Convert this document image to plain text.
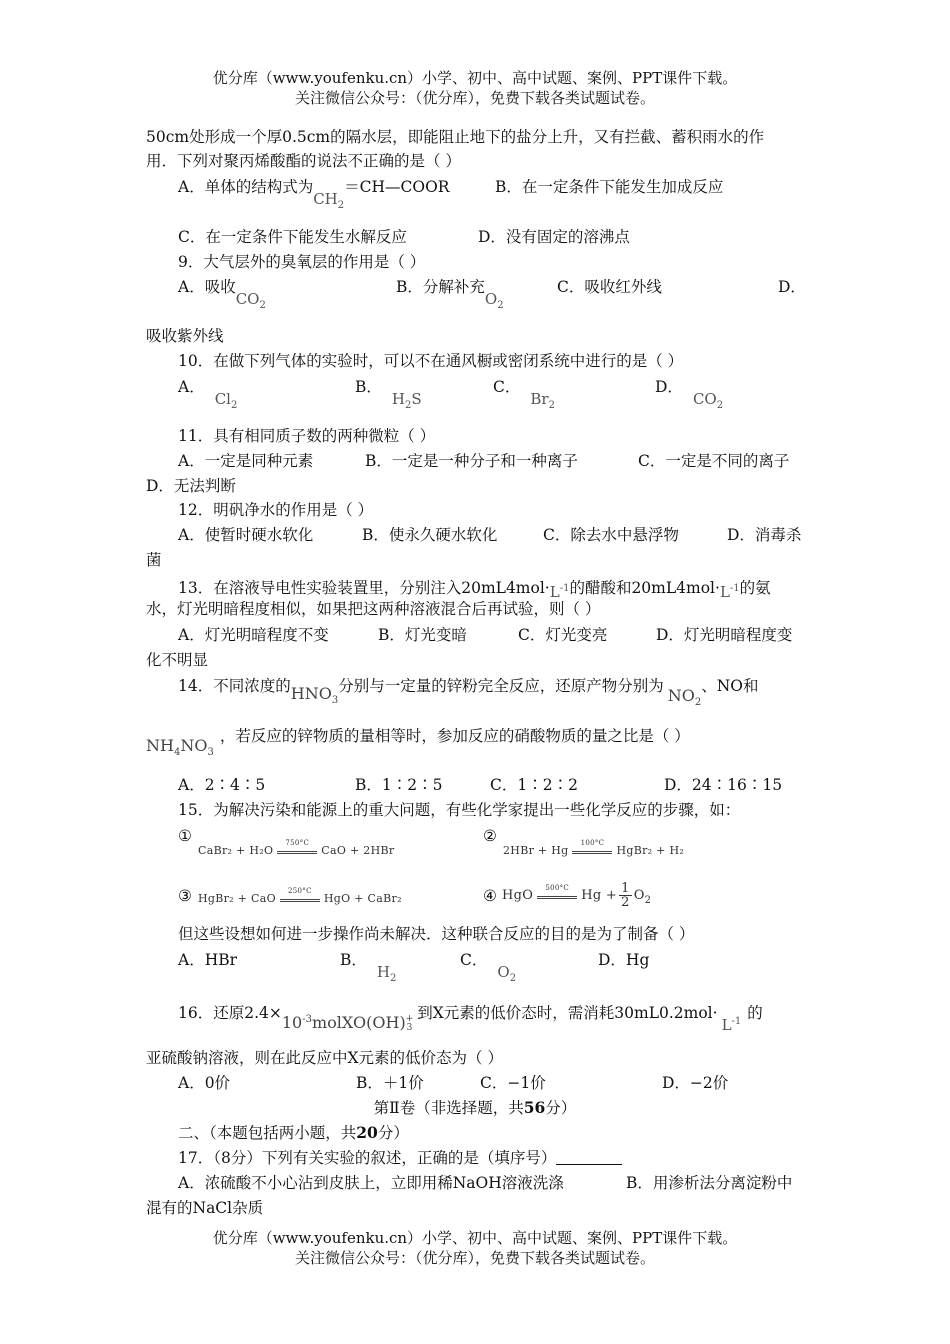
优分库（www.youfenku.cn）小学、初中、高中试题、案例、PPT课件下载。
关注微信公众号：（优分库），免费下载各类试题试卷。
50cm处形成一个厚0.5cm的隔水层，即能阻止地下的盐分上升，又有拦截、蓄积雨水的作
用．下列对聚丙烯酸酯的说法不正确的是（ ）
A．单体的结构式为$CH_2=CH—COOR$	B．在一定条件下能发生加成反应
C．在一定条件下能发生水解反应	D．没有固定的溶沸点
9．大气层外的臭氧层的作用是（ ）
A．吸收$CO_2$
B．分解补充$O_2$
C．吸收红外线	D．
吸收紫外线
10．在做下列气体的实验时，可以不在通风橱或密闭系统中进行的是（ ）
A．$Cl_2$
B．$H_2S$
C．$Br_2$
D．$CO_2$
11．具有相同质子数的两种微粒（ ）
A．一定是同种元素	B．一定是一种分子和一种离子	C．一定是不同的离子
D．无法判断
12．明矾净水的作用是（ ）
A．使暂时硬水软化	B．使永久硬水软化	C．除去水中悬浮物	D．消毒杀
菌
13．在溶液导电性实验装置里，分别注入$20mL4mol\cdot L^{-1}$的醋酸和$20mL4mol\cdot L^{-1}$的氨
水，灯光明暗程度相似，如果把这两种溶液混合后再试验，则（ ）
A．灯光明暗程度不变	B．灯光变暗	C．灯光变亮	D．灯光明暗程度变
化不明显
14．不同浓度的$HNO_3$分别与一定量的锌粉完全反应，还原产物分别为 $NO_2$、NO和
$NH_4NO_3$，若反应的锌物质的量相等时，参加反应的硝酸物质的量之比是（ ）
A．2∶4∶5	B．1∶2∶5	C．1∶2∶2	D．24∶16∶15
15．为解决污染和能源上的重大问题，有些化学家提出一些化学反应的步骤，如：
①	②
CaBr₂ + H₂O
750°C
CaO + 2HBr	2HBr + Hg
100°C
HgBr₂ + H₂
③ HgBr₂ + CaO
250°C
HgO + CaBr₂	④ HgO
500°C
$Hg + \frac{1}{2} O_2$
但这些设想如何进一步操作尚未解决．这种联合反应的目的是为了制备（ ）
A．HBr	B．$H_2$
C．$O_2$
D．Hg
16．还原$2.4\times 10^{-3}molXO(OH)$ +
3
到X元素的低价态时，需消耗$30mL0.2mol\cdot L^{-1}$ 的
亚硫酸钠溶液，则在此反应中X元素的低价态为（ ）
A．0价	B．＋1价	C．−1价	D．−2价
第Ⅱ卷（非选择题，共56分）
二、（本题包括两小题，共20分）
17．（8分）下列有关实验的叙述，正确的是（填序号）
A．浓硫酸不小心沾到皮肤上，立即用稀NaOH溶液洗涤	B．用渗析法分离淀粉中
混有的NaCl杂质
优分库（www.youfenku.cn）小学、初中、高中试题、案例、PPT课件下载。
关注微信公众号：（优分库），免费下载各类试题试卷。
